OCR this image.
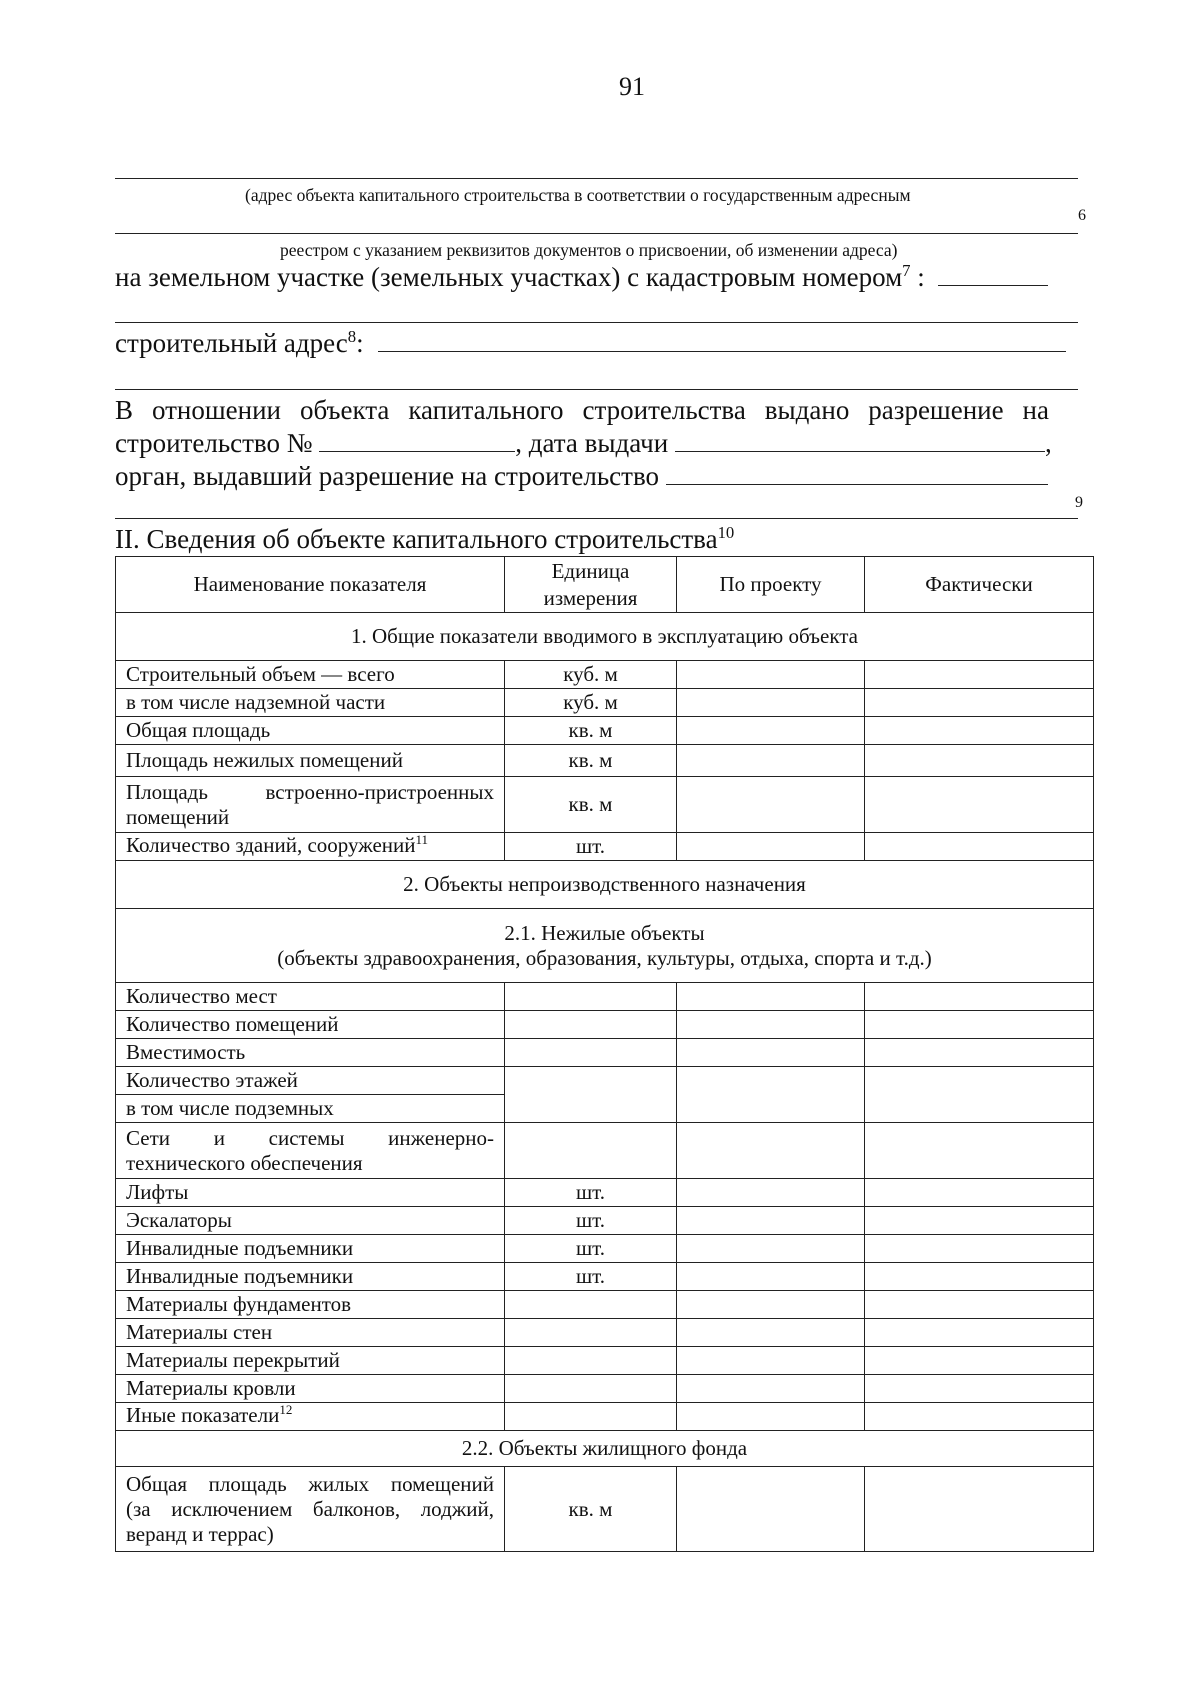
91
(адрес объекта капитального строительства в соответствии о государственным адресным
6
реестром с указанием реквизитов документов о присвоении, об изменении адреса)
на земельном участке (земельных участках) с кадастровым номером$^7$ :
строительный адрес$^8$:
В отношении объекта капитального строительства выдано разрешение на
строительство №	, дата выдачи	,
орган, выдавший разрешение на строительство
9
II. Сведения об объекте капитального строительства$^{10}$
Наименование показателя	Единица измерения	По проекту	Фактически
1. Общие показатели вводимого в эксплуатацию объекта			
Строительный объем — всего	куб. м		
в том числе надземной части	куб. м		
Общая площадь	кв. м		
Площадь нежилых помещений	кв. м		

Площадь встроенно-пристроенных
помещений	кв. м		
Количество зданий, сооружений$^{11}$	шт.		
2. Объекты непроизводственного назначения			

2.1. Нежилые объекты
(объекты здравоохранения, образования, культуры, отдыха, спорта и т.д.)			

Количество мест			
Количество помещений			
Вместимость			
Количество этажей			
в том числе подземных			

Сети и системы инженерно-
технического обеспечения			

Лифты	шт.		
Эскалаторы	шт.		
Инвалидные подъемники	шт.		
Инвалидные подъемники	шт.		
Материалы фундаментов			
Материалы стен			
Материалы перекрытий			
Материалы кровли			
Иные показатели$^{12}$			
2.2. Объекты жилищного фонда			

Общая площадь жилых помещений
(за исключением балконов, лоджий,
веранд и террас)	кв. м		
